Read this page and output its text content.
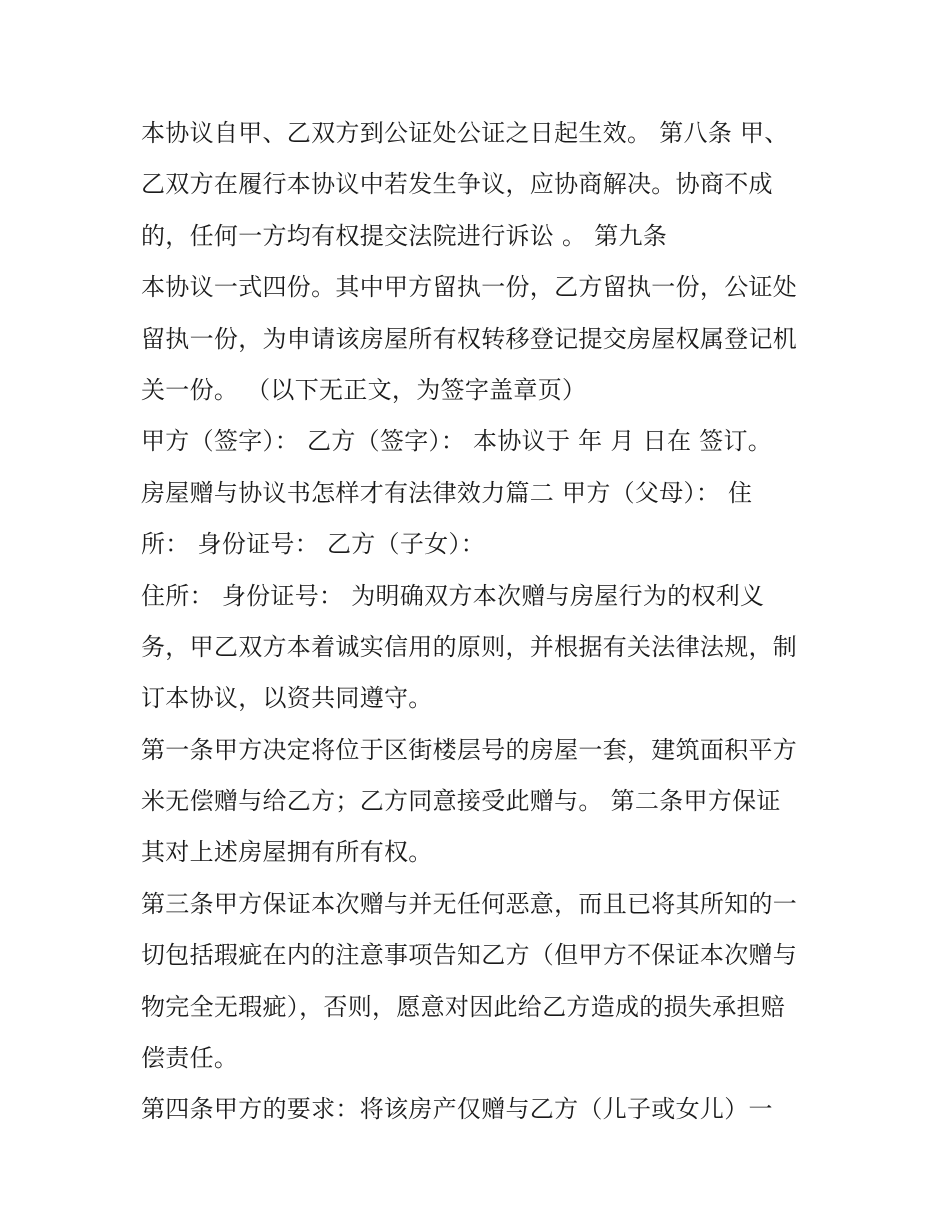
本协议自甲、乙双方到公证处公证之日起生效。 第八条 甲、
乙双方在履行本协议中若发生争议，应协商解决。协商不成
的，任何一方均有权提交法院进行诉讼 。 第九条
本协议一式四份。其中甲方留执一份，乙方留执一份，公证处
留执一份，为申请该房屋所有权转移登记提交房屋权属登记机
关一份。 （以下无正文，为签字盖章页）
甲方（签字）： 乙方（签字）： 本协议于 年 月 日在 签订。
房屋赠与协议书怎样才有法律效力篇二 甲方（父母）： 住
所： 身份证号： 乙方（子女）：
住所： 身份证号： 为明确双方本次赠与房屋行为的权利义
务，甲乙双方本着诚实信用的原则，并根据有关法律法规，制
订本协议，以资共同遵守。
第一条甲方决定将位于区街楼层号的房屋一套，建筑面积平方
米无偿赠与给乙方；乙方同意接受此赠与。 第二条甲方保证
其对上述房屋拥有所有权。
第三条甲方保证本次赠与并无任何恶意，而且已将其所知的一
切包括瑕疵在内的注意事项告知乙方（但甲方不保证本次赠与
物完全无瑕疵），否则，愿意对因此给乙方造成的损失承担赔
偿责任。
第四条甲方的要求：将该房产仅赠与乙方（儿子或女儿）一
